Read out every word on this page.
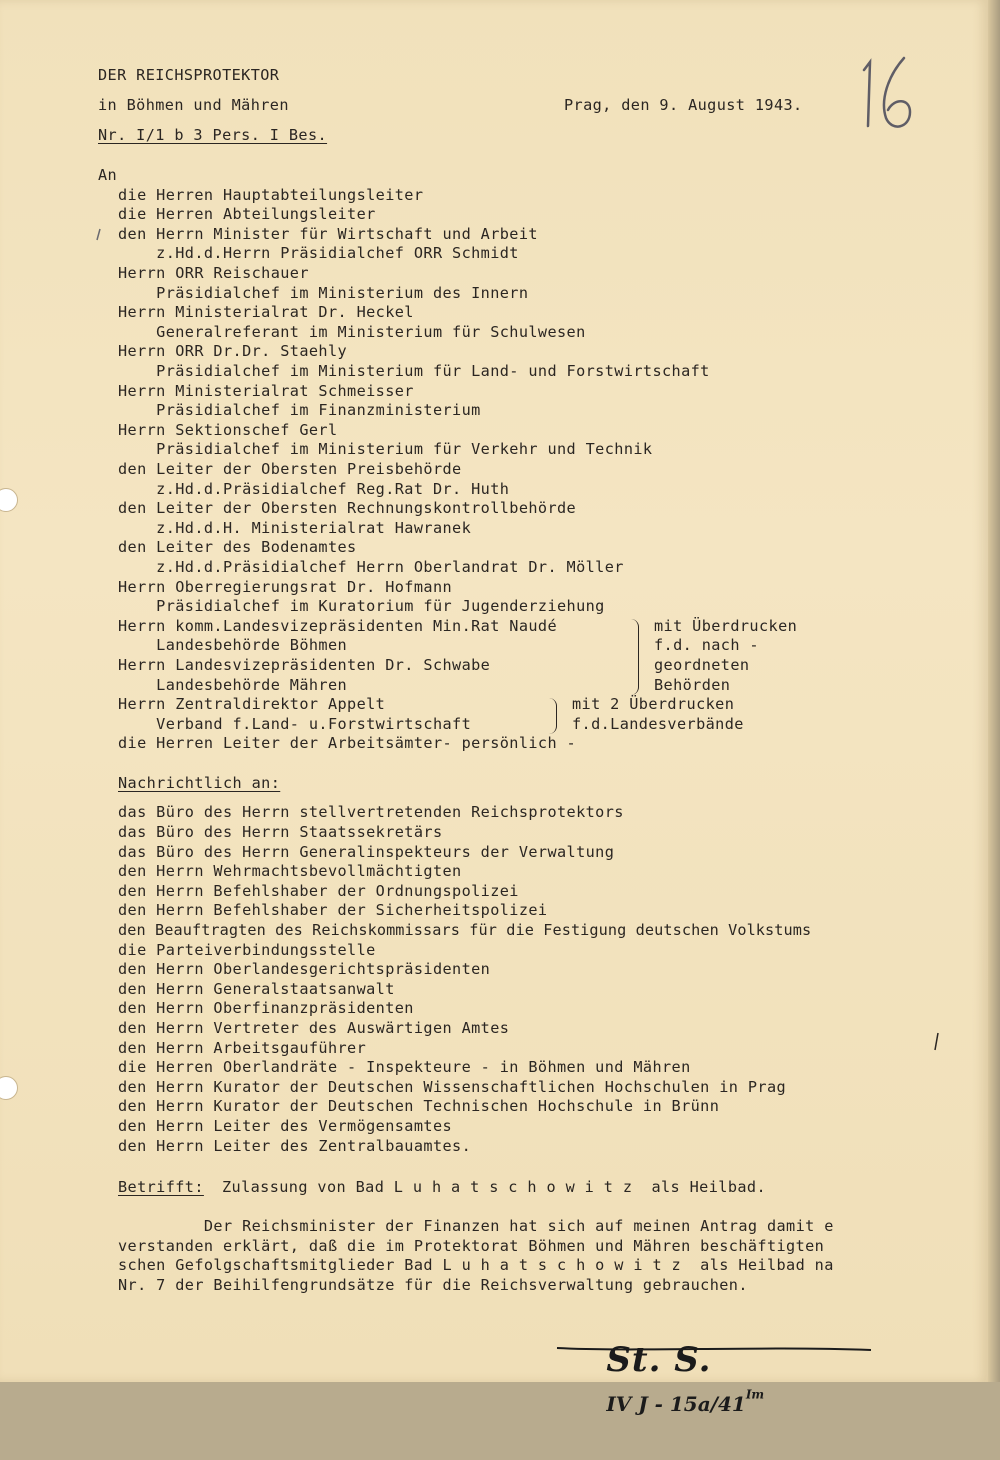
DER REICHSPROTEKTOR
in Böhmen und Mähren	Prag, den 9. August 1943.
Nr. I/1 b 3 Pers. I Bes.
An
die Herren Hauptabteilungsleiter
die Herren Abteilungsleiter
den Herrn Minister für Wirtschaft und Arbeit
z.Hd.d.Herrn Präsidialchef ORR Schmidt
Herrn ORR Reischauer
Präsidialchef im Ministerium des Innern
Herrn Ministerialrat Dr. Heckel
Generalreferant im Ministerium für Schulwesen
Herrn ORR Dr.Dr. Staehly
Präsidialchef im Ministerium für Land- und Forstwirtschaft
Herrn Ministerialrat Schmeisser
Präsidialchef im Finanzministerium
Herrn Sektionschef Gerl
Präsidialchef im Ministerium für Verkehr und Technik
den Leiter der Obersten Preisbehörde
z.Hd.d.Präsidialchef Reg.Rat Dr. Huth
den Leiter der Obersten Rechnungskontrollbehörde
z.Hd.d.H. Ministerialrat Hawranek
den Leiter des Bodenamtes
z.Hd.d.Präsidialchef Herrn Oberlandrat Dr. Möller
Herrn Oberregierungsrat Dr. Hofmann
Präsidialchef im Kuratorium für Jugenderziehung
Herrn komm.Landesvizepräsidenten Min.Rat Naudé
Landesbehörde Böhmen
Herrn Landesvizepräsidenten Dr. Schwabe
Landesbehörde Mähren
Herrn Zentraldirektor Appelt
Verband f.Land- u.Forstwirtschaft
die Herren Leiter der Arbeitsämter- persönlich -
mit Überdrucken
f.d. nach -
geordneten
Behörden
mit 2 Überdrucken
f.d.Landesverbände
Nachrichtlich an:
das Büro des Herrn stellvertretenden Reichsprotektors
das Büro des Herrn Staatssekretärs
das Büro des Herrn Generalinspekteurs der Verwaltung
den Herrn Wehrmachtsbevollmächtigten
den Herrn Befehlshaber der Ordnungspolizei
den Herrn Befehlshaber der Sicherheitspolizei
den Beauftragten des Reichskommissars für die Festigung deutschen Volkstums
die Parteiverbindungsstelle
den Herrn Oberlandesgerichtspräsidenten
den Herrn Generalstaatsanwalt
den Herrn Oberfinanzpräsidenten
den Herrn Vertreter des Auswärtigen Amtes
den Herrn Arbeitsgauführer
die Herren Oberlandräte - Inspekteure - in Böhmen und Mähren
den Herrn Kurator der Deutschen Wissenschaftlichen Hochschulen in Prag
den Herrn Kurator der Deutschen Technischen Hochschule in Brünn
den Herrn Leiter des Vermögensamtes
den Herrn Leiter des Zentralbauamtes.
Betrifft: Zulassung von Bad L u h a t s c h o w i t z  als Heilbad.
Der Reichsminister der Finanzen hat sich auf meinen Antrag damit e
verstanden erklärt, daß die im Protektorat Böhmen und Mähren beschäftigten
schen Gefolgschaftsmitglieder Bad L u h a t s c h o w i t z  als Heilbad na
Nr. 7 der Beihilfengrundsätze für die Reichsverwaltung gebrauchen.

St. S.
IV J - $15a/41^{Im}$
